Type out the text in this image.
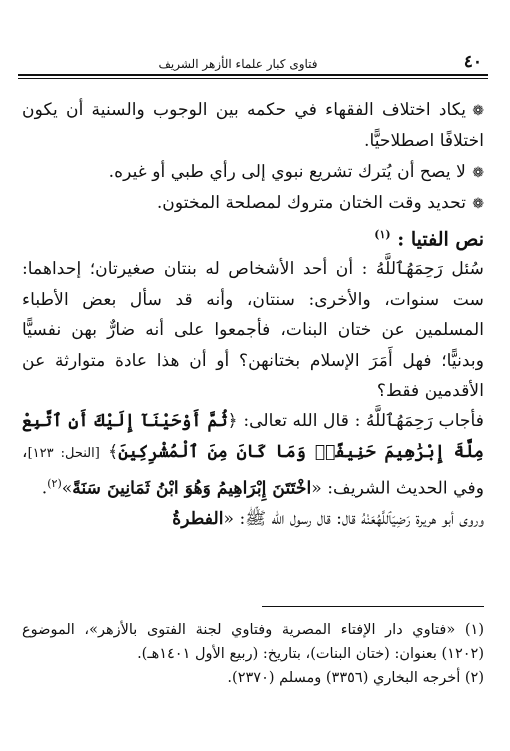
٤٠
فتاوى كبار علماء الأزهر الشريف

❁يكاد اختلاف الفقهاء في حكمه بين الوجوب والسنية أن يكون اختلافًا اصطلاحيًّا.

❁لا يصح أن يُترك تشريع نبوي إلى رأي طبي أو غيره.

❁تحديد وقت الختان متروك لمصلحة المختون.

نص الفتيا : $^{(١)}$

سُئل رَحِمَهُٱللَّهُ : أن أحد الأشخاص له بنتان صغيرتان؛ إحداهما: ست سنوات، والأخرى: سنتان، وأنه قد سأل بعض الأطباء المسلمين عن ختان البنات، فأجمعوا على أنه ضارٌّ بهن نفسيًّا وبدنيًّا؛ فهل أَمَرَ الإسلام بختانهن؟ أو أن هذا عادة متوارثة عن الأقدمين فقط؟

فأجاب رَحِمَهُٱللَّهُ : قال الله تعالى: ﴿ثُمَّ أَوْحَيْنَآ إِلَيْكَ أَنِ ٱتَّبِعْ مِلَّةَ إِبْرَٰهِيمَ حَنِيفًاۖ وَمَا كَانَ مِنَ ٱلْمُشْرِكِينَ﴾ [النحل: ١٢٣]، وفي الحديث الشريف: «اخْتَتَنَ إِبْرَاهِيمُ وَهُوَ ابْنُ ثَمَانِينَ سَنَةً»$^{(٢)}$.

وروى أبو هريرة رَضِيَٱللَّهُعَنْهُ قال: قال رسول الله ﷺ: «الفطرةُ

(١) «فتاوي دار الإفتاء المصرية وفتاوي لجنة الفتوى بالأزهر»، الموضوع (١٢٠٢) بعنوان: (ختان البنات)، بتاريخ: (ربيع الأول ١٤٠١هـ).

(٢) أخرجه البخاري (٣٣٥٦) ومسلم (٢٣٧٠).
